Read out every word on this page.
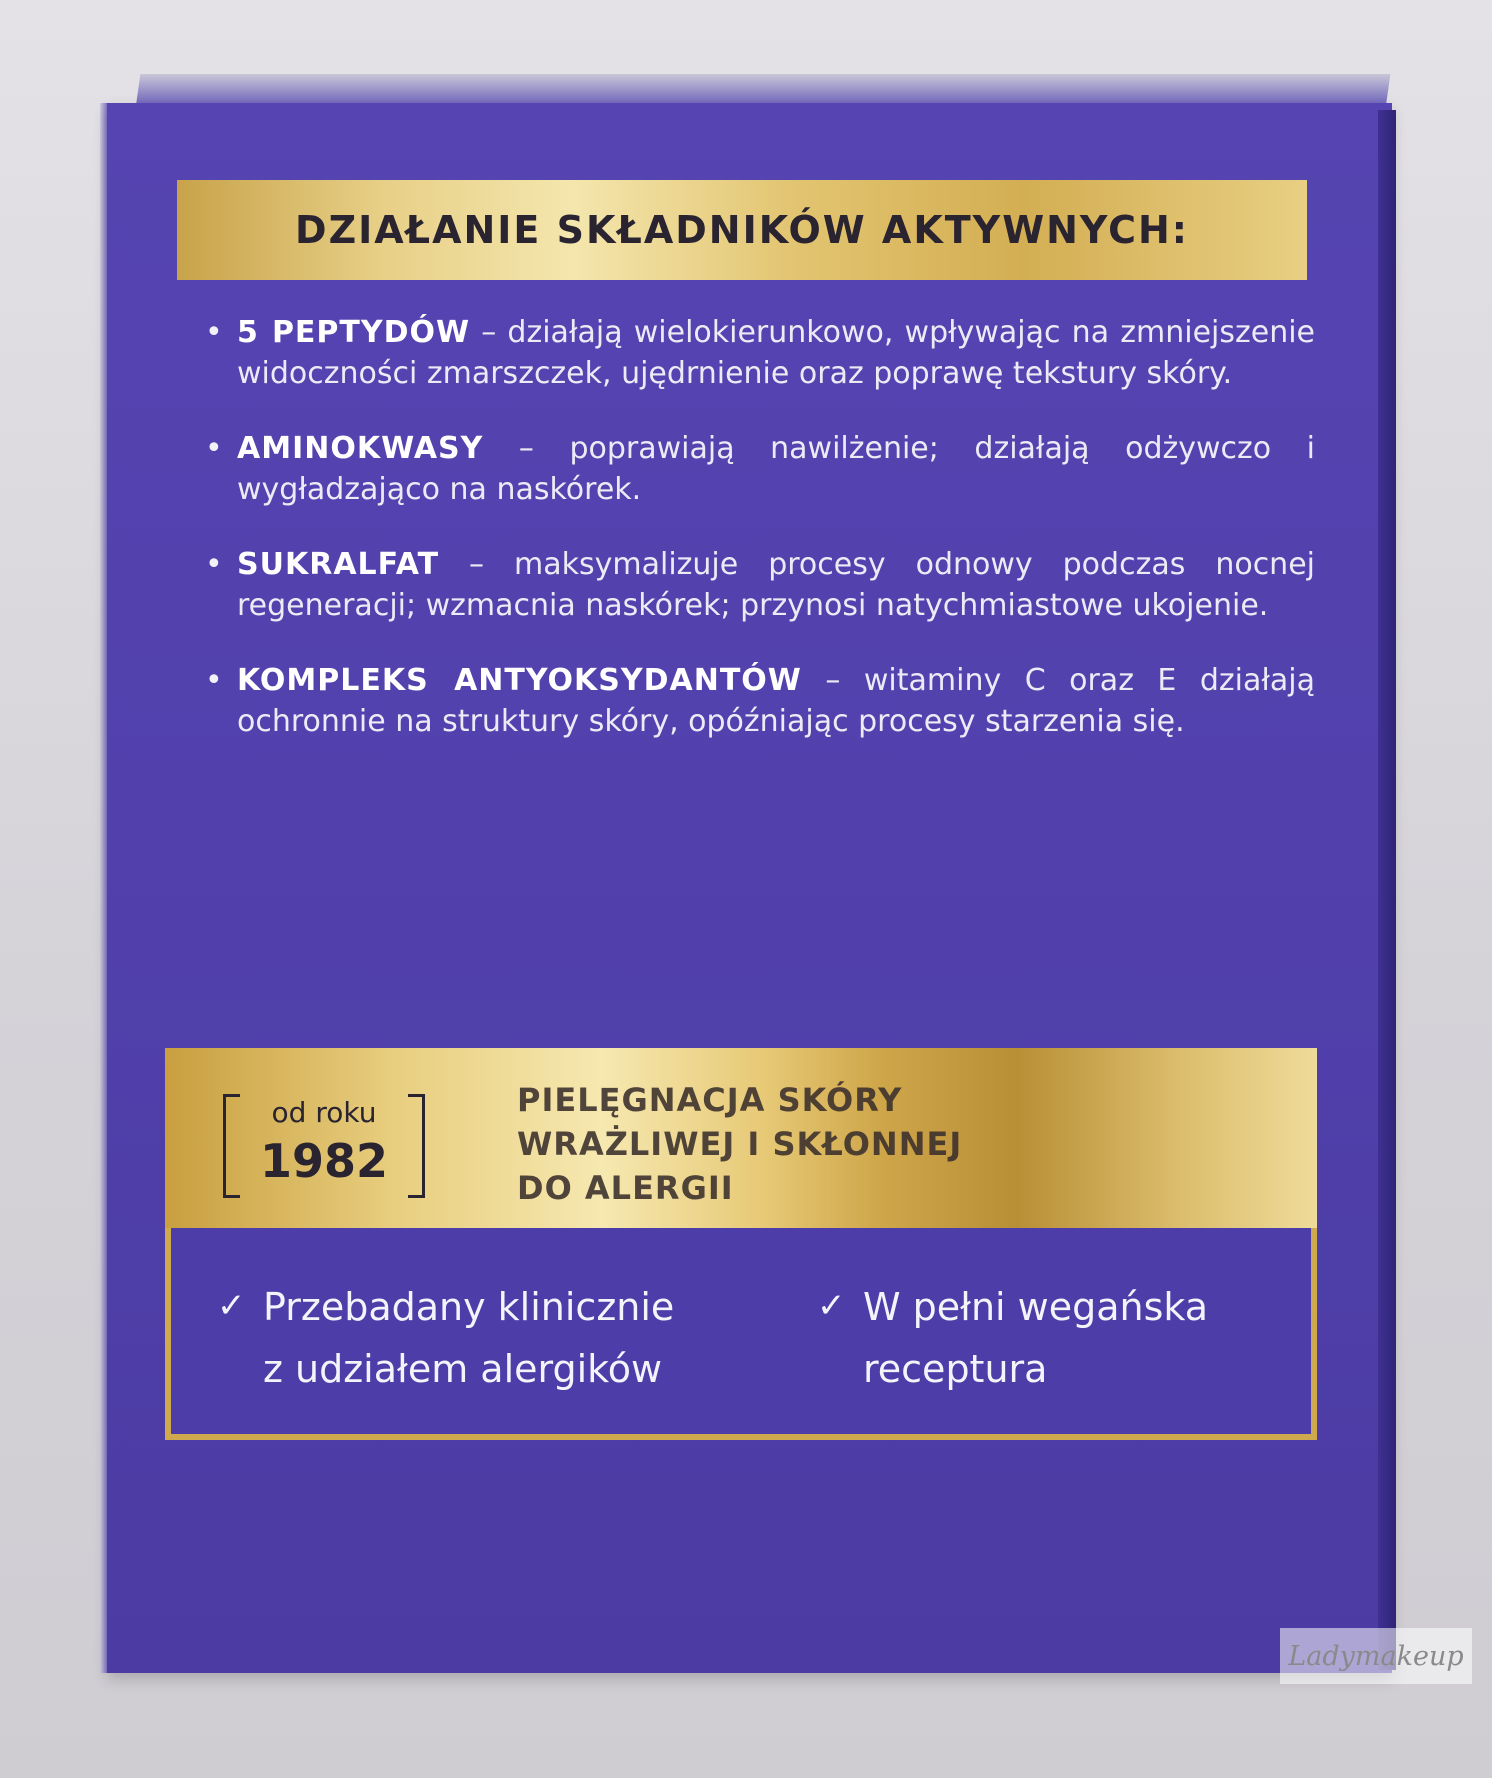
DZIAŁANIE SKŁADNIKÓW AKTYWNYCH:
• 5 PEPTYDÓW – działają wielokierunkowo, wpływając na zmniejszenie widoczności zmarszczek, ujędrnienie oraz poprawę tekstury skóry.

• AMINOKWASY – poprawiają nawilżenie; działają odżywczo i wygładzająco na naskórek.

• SUKRALFAT – maksymalizuje procesy odnowy podczas nocnej regeneracji; wzmacnia naskórek; przynosi natychmiastowe ukojenie.

• KOMPLEKS ANTYOKSYDANTÓW – witaminy C oraz E działają ochronnie na struktury skóry, opóźniając procesy starzenia się.

od roku
1982

PIELĘGNACJA SKÓRY
WRAŻLIWEJ I SKŁONNEJ
DO ALERGII

✓ Przebadany klinicznie
z udziałem alergików
✓ W pełni wegańska
receptura
Ladymakeup
